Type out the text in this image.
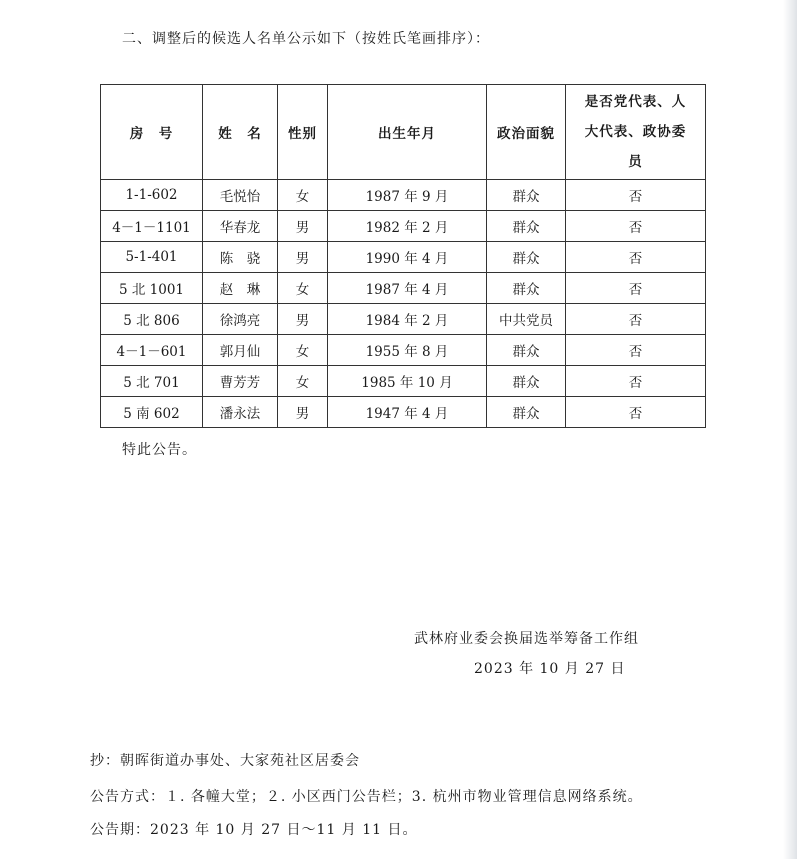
二、调整后的候选人名单公示如下（按姓氏笔画排序）：
房　号	姓　名	性别	出生年月	政治面貌	是否党代表、人大代表、政协委员

1-1-602	毛悦怡	女	1987 年 9 月	群众	否
4－1－1101	华春龙	男	1982 年 2 月	群众	否
5-1-401	陈　骁	男	1990 年 4 月	群众	否
5 北 1001	赵　琳	女	1987 年 4 月	群众	否
5 北 806	徐鸿亮	男	1984 年 2 月	中共党员	否
4－1－601	郭月仙	女	1955 年 8 月	群众	否
5 北 701	曹芳芳	女	1985 年 10 月	群众	否
5 南 602	潘永法	男	1947 年 4 月	群众	否
特此公告。
武林府业委会换届选举筹备工作组
2023 年 10 月 27 日
抄：朝晖街道办事处、大家苑社区居委会
公告方式：１. 各幢大堂；２. 小区西门公告栏；3. 杭州市物业管理信息网络系统。
公告期：2023 年 10 月 27 日～11 月 11 日。
